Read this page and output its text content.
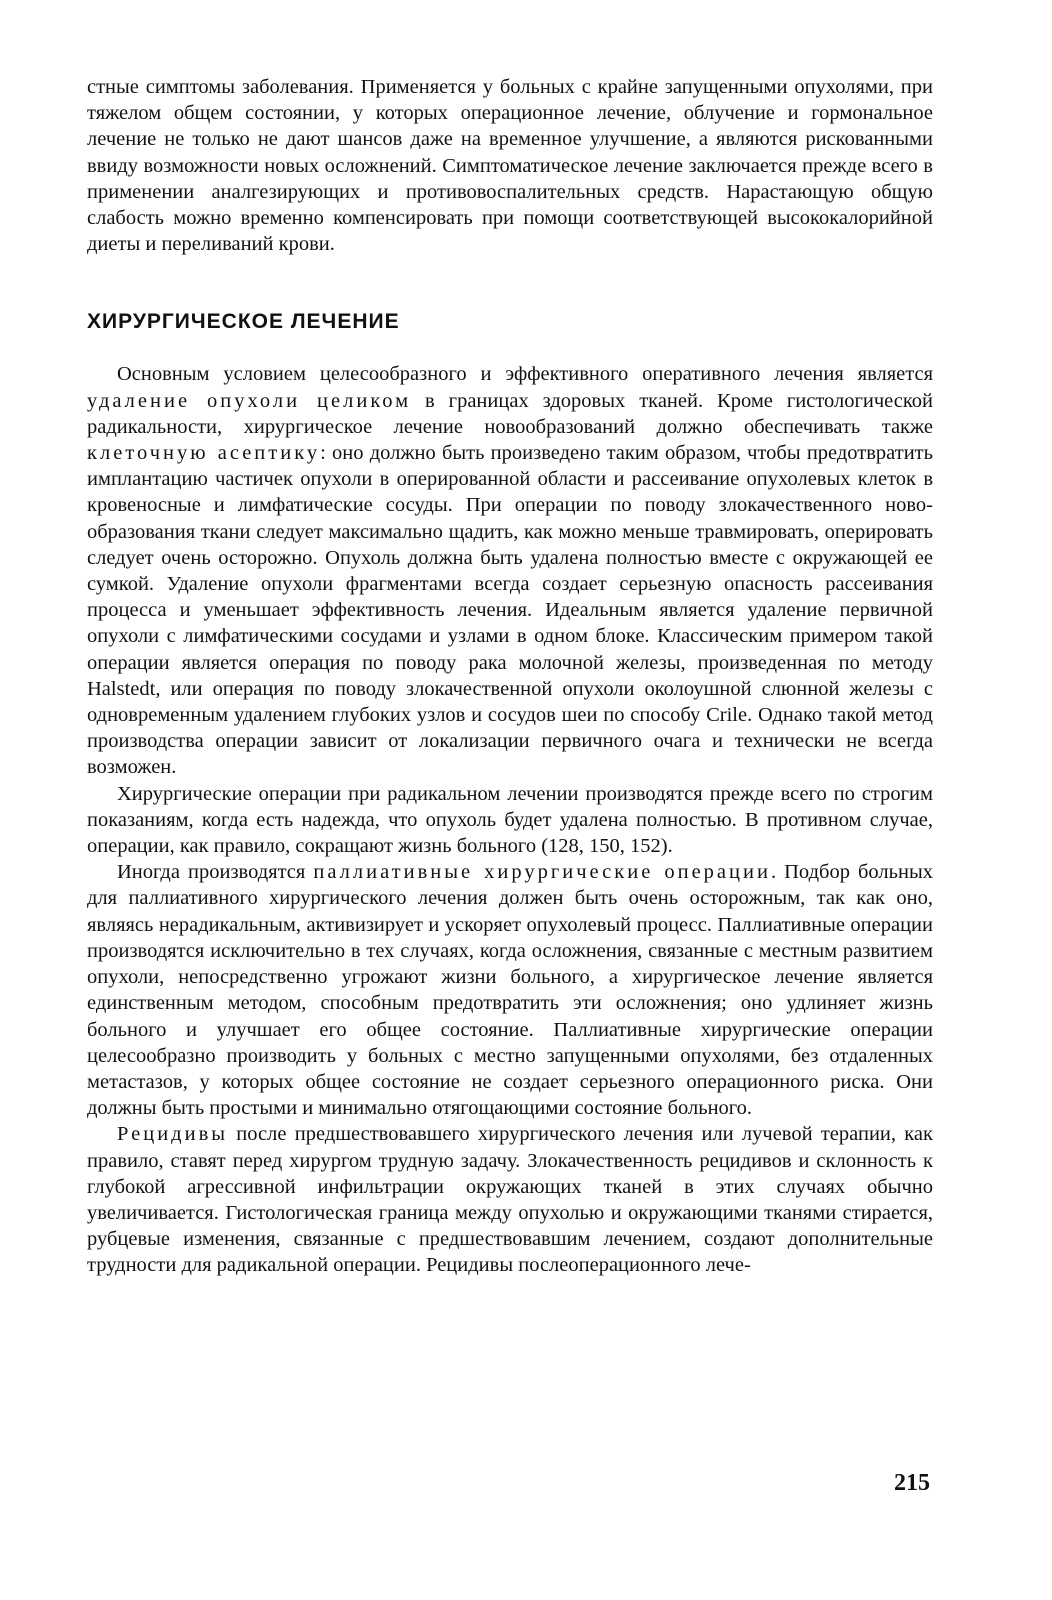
стные симптомы заболевания. Применяется у больных с крайне запущенными опухолями, при тяжелом общем состоянии, у которых операционное лечение, облучение и гормональное лечение не только не дают шансов даже на временное улучшение, а являются рискованными ввиду возможности новых осложнений. Симптоматическое лечение заключается прежде всего в применении аналгезирующих и противовоспалительных средств. Нарастающую общую слабость можно временно компенсировать при помощи соответствующей высококалорийной диеты и переливаний крови.

ХИРУРГИЧЕСКОЕ ЛЕЧЕНИЕ

Основным условием целесообразного и эффективного оперативного лечения является удаление опухоли целиком в границах здоровых тканей. Кроме гистологической радикальности, хирургическое лечение новообразований должно обеспечивать также клеточную асептику: оно должно быть произведено таким образом, чтобы предотвратить имплантацию частичек опухоли в оперированной области и рассеивание опухолевых клеток в кровеносные и лимфатические сосуды. При операции по поводу злокачественного новообразования ткани следует максимально щадить, как можно меньше травмировать, оперировать следует очень осторожно. Опухоль должна быть удалена полностью вместе с окружающей ее сумкой. Удаление опухоли фрагментами всегда создает серьезную опасность рассеивания процесса и уменьшает эффективность лечения. Идеальным является удаление первичной опухоли с лимфатическими сосудами и узлами в одном блоке. Классическим примером такой операции является операция по поводу рака молочной железы, произведенная по методу Halstedt, или операция по поводу злокачественной опухоли околоушной слюнной железы с одновременным удалением глубоких узлов и сосудов шеи по способу Crile. Однако такой метод производства операции зависит от локализации первичного очага и технически не всегда возможен.

Хирургические операции при радикальном лечении производятся прежде всего по строгим показаниям, когда есть надежда, что опухоль будет удалена полностью. В противном случае, операции, как правило, сокращают жизнь больного (128, 150, 152).

Иногда производятся паллиативные хирургические операции. Подбор больных для паллиативного хирургического лечения должен быть очень осторожным, так как оно, являясь нерадикальным, активизирует и ускоряет опухолевый процесс. Паллиативные операции производятся исключительно в тех случаях, когда осложнения, связанные с местным развитием опухоли, непосредственно угрожают жизни больного, а хирургическое лечение является единственным методом, способным предотвратить эти осложнения; оно удлиняет жизнь больного и улучшает его общее состояние. Паллиативные хирургические операции целесообразно производить у больных с местно запущенными опухолями, без отдаленных метастазов, у которых общее состояние не создает серьезного операционного риска. Они должны быть простыми и минимально отягощающими состояние больного.

Рецидивы после предшествовавшего хирургического лечения или лучевой терапии, как правило, ставят перед хирургом трудную задачу. Злокачественность рецидивов и склонность к глубокой агрессивной инфильтрации окружающих тканей в этих случаях обычно увеличивается. Гистологическая граница между опухолью и окружающими тканями стирается, рубцевые изменения, связанные с предшествовавшим лечением, создают дополнительные трудности для радикальной операции. Рецидивы послеоперационного лече-

215
